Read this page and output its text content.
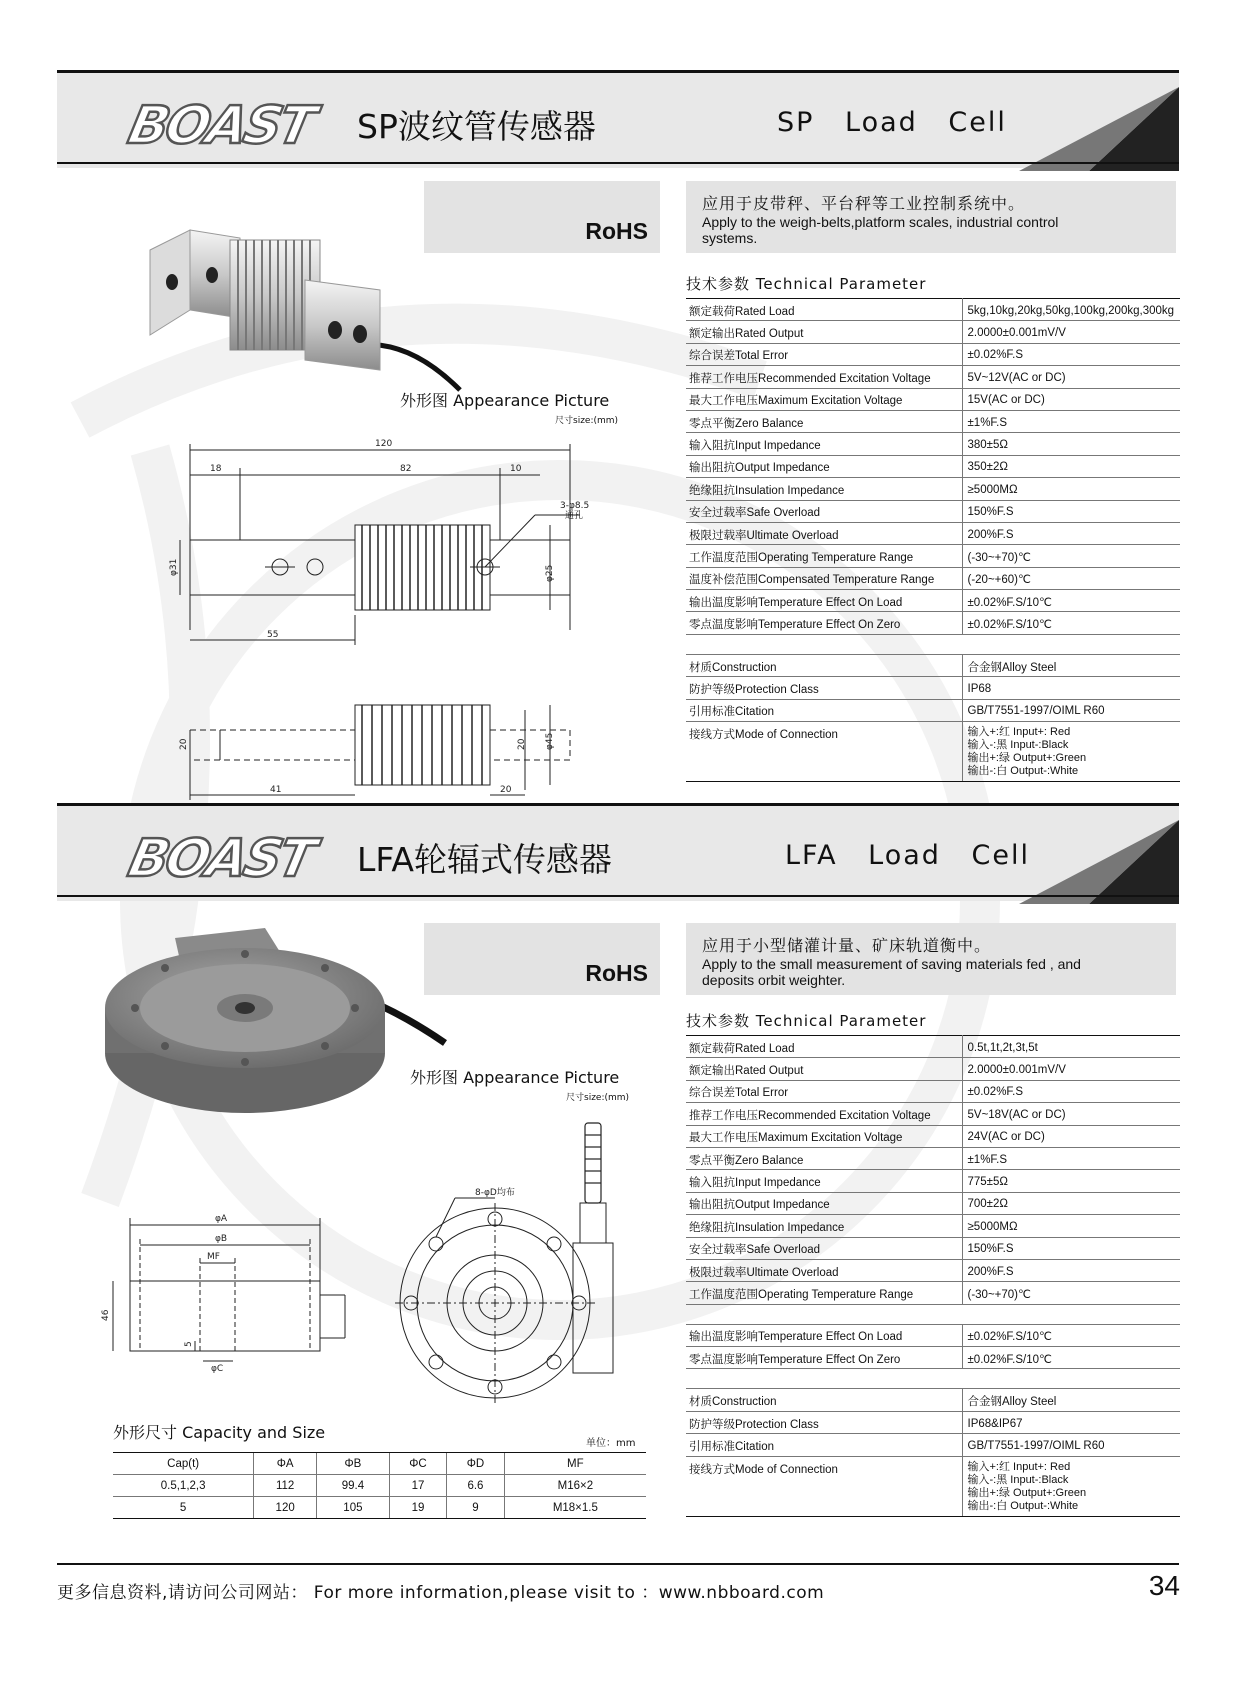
BOAST SP波纹管传感器	SP Load Cell
RoHS
应用于皮带秤、平台秤等工业控制系统中。
Apply to the weigh-belts,platform scales, industrial control
systems.
外形图 Appearance Picture
尺寸size:(mm)
120
18	82	10
3-φ8.5
通孔
φ31	φ25
55
20	20 φ45
41	20
技术参数 Technical Parameter
额定载荷Rated Load	5kg,10kg,20kg,50kg,100kg,200kg,300kg
额定输出Rated Output	2.0000±0.001mV/V
综合误差Total Error	±0.02%F.S
推荐工作电压Recommended Excitation Voltage	5V~12V(AC or DC)
最大工作电压Maximum Excitation Voltage	15V(AC or DC)
零点平衡Zero Balance	±1%F.S
输入阻抗Input Impedance	380±5Ω
输出阻抗Output Impedance	350±2Ω
绝缘阻抗Insulation Impedance	≥5000MΩ
安全过载率Safe Overload	150%F.S
极限过载率Ultimate Overload	200%F.S
工作温度范围Operating Temperature Range	(-30~+70)℃
温度补偿范围Compensated Temperature Range	(-20~+60)℃
输出温度影响Temperature Effect On Load	±0.02%F.S/10℃
零点温度影响Temperature Effect On Zero	±0.02%F.S/10℃

材质Construction	合金钢Alloy Steel
防护等级Protection Class	IP68
引用标准Citation	GB/T7551-1997/OIML R60
接线方式Mode of Connection	输入+:红 Input+: Red
输入-:黑 Input-:Black
输出+:绿 Output+:Green
输出-:白 Output-:White
BOAST LFA轮辐式传感器	LFA Load Cell
RoHS
应用于小型储灌计量、矿床轨道衡中。
Apply to the small measurement of saving materials fed , and
deposits orbit weighter.
外形图 Appearance Picture
尺寸size:(mm)
φA
φB
MF
46
5
φC
8-φD均布
技术参数 Technical Parameter
额定载荷Rated Load	0.5t,1t,2t,3t,5t
额定输出Rated Output	2.0000±0.001mV/V
综合误差Total Error	±0.02%F.S
推荐工作电压Recommended Excitation Voltage	5V~18V(AC or DC)
最大工作电压Maximum Excitation Voltage	24V(AC or DC)
零点平衡Zero Balance	±1%F.S
输入阻抗Input Impedance	775±5Ω
输出阻抗Output Impedance	700±2Ω
绝缘阻抗Insulation Impedance	≥5000MΩ
安全过载率Safe Overload	150%F.S
极限过载率Ultimate Overload	200%F.S
工作温度范围Operating Temperature Range	(-30~+70)℃

输出温度影响Temperature Effect On Load	±0.02%F.S/10℃
零点温度影响Temperature Effect On Zero	±0.02%F.S/10℃

材质Construction	合金钢Alloy Steel
防护等级Protection Class	IP68&IP67
引用标准Citation	GB/T7551-1997/OIML R60
接线方式Mode of Connection	输入+:红 Input+: Red
输入-:黑 Input-:Black
输出+:绿 Output+:Green
输出-:白 Output-:White
外形尺寸 Capacity and Size
单位：mm
Cap(t)	ΦA	ΦB	ΦC	ΦD	MF
0.5,1,2,3	112	99.4	17	6.6	M16×2
5	120	105	19	9	M18×1.5
更多信息资料,请访问公司网站： For more information,please visit to ：www.nbboard.com	34
